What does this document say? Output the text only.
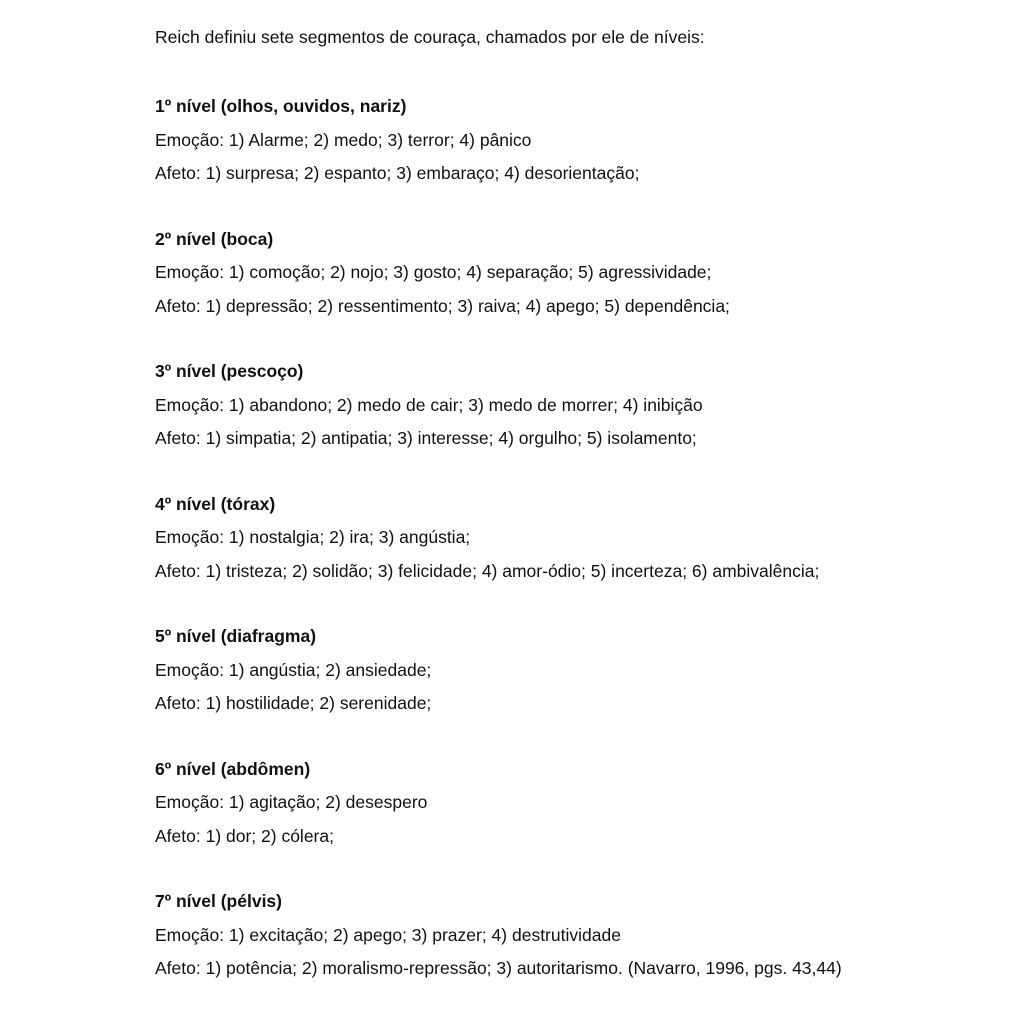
Reich definiu sete segmentos de couraça, chamados por ele de níveis:

1º nível (olhos, ouvidos, nariz)

Emoção: 1) Alarme; 2) medo; 3) terror; 4) pânico

Afeto: 1) surpresa; 2) espanto; 3) embaraço; 4) desorientação;

2º nível (boca)

Emoção: 1) comoção; 2) nojo; 3) gosto; 4) separação; 5) agressividade;

Afeto: 1) depressão; 2) ressentimento; 3) raiva; 4) apego; 5) dependência;

3º nível (pescoço)

Emoção: 1) abandono; 2) medo de cair; 3) medo de morrer; 4) inibição

Afeto: 1) simpatia; 2) antipatia; 3) interesse; 4) orgulho; 5) isolamento;

4º nível (tórax)

Emoção: 1) nostalgia; 2) ira; 3) angústia;

Afeto: 1) tristeza; 2) solidão; 3) felicidade; 4) amor-ódio; 5) incerteza; 6) ambivalência;

5º nível (diafragma)

Emoção: 1) angústia; 2) ansiedade;

Afeto: 1) hostilidade; 2) serenidade;

6º nível (abdômen)

Emoção: 1) agitação; 2) desespero

Afeto: 1) dor; 2) cólera;

7º nível (pélvis)

Emoção: 1) excitação; 2) apego; 3) prazer; 4) destrutividade

Afeto: 1) potência; 2) moralismo-repressão; 3) autoritarismo. (Navarro, 1996, pgs. 43,44)
